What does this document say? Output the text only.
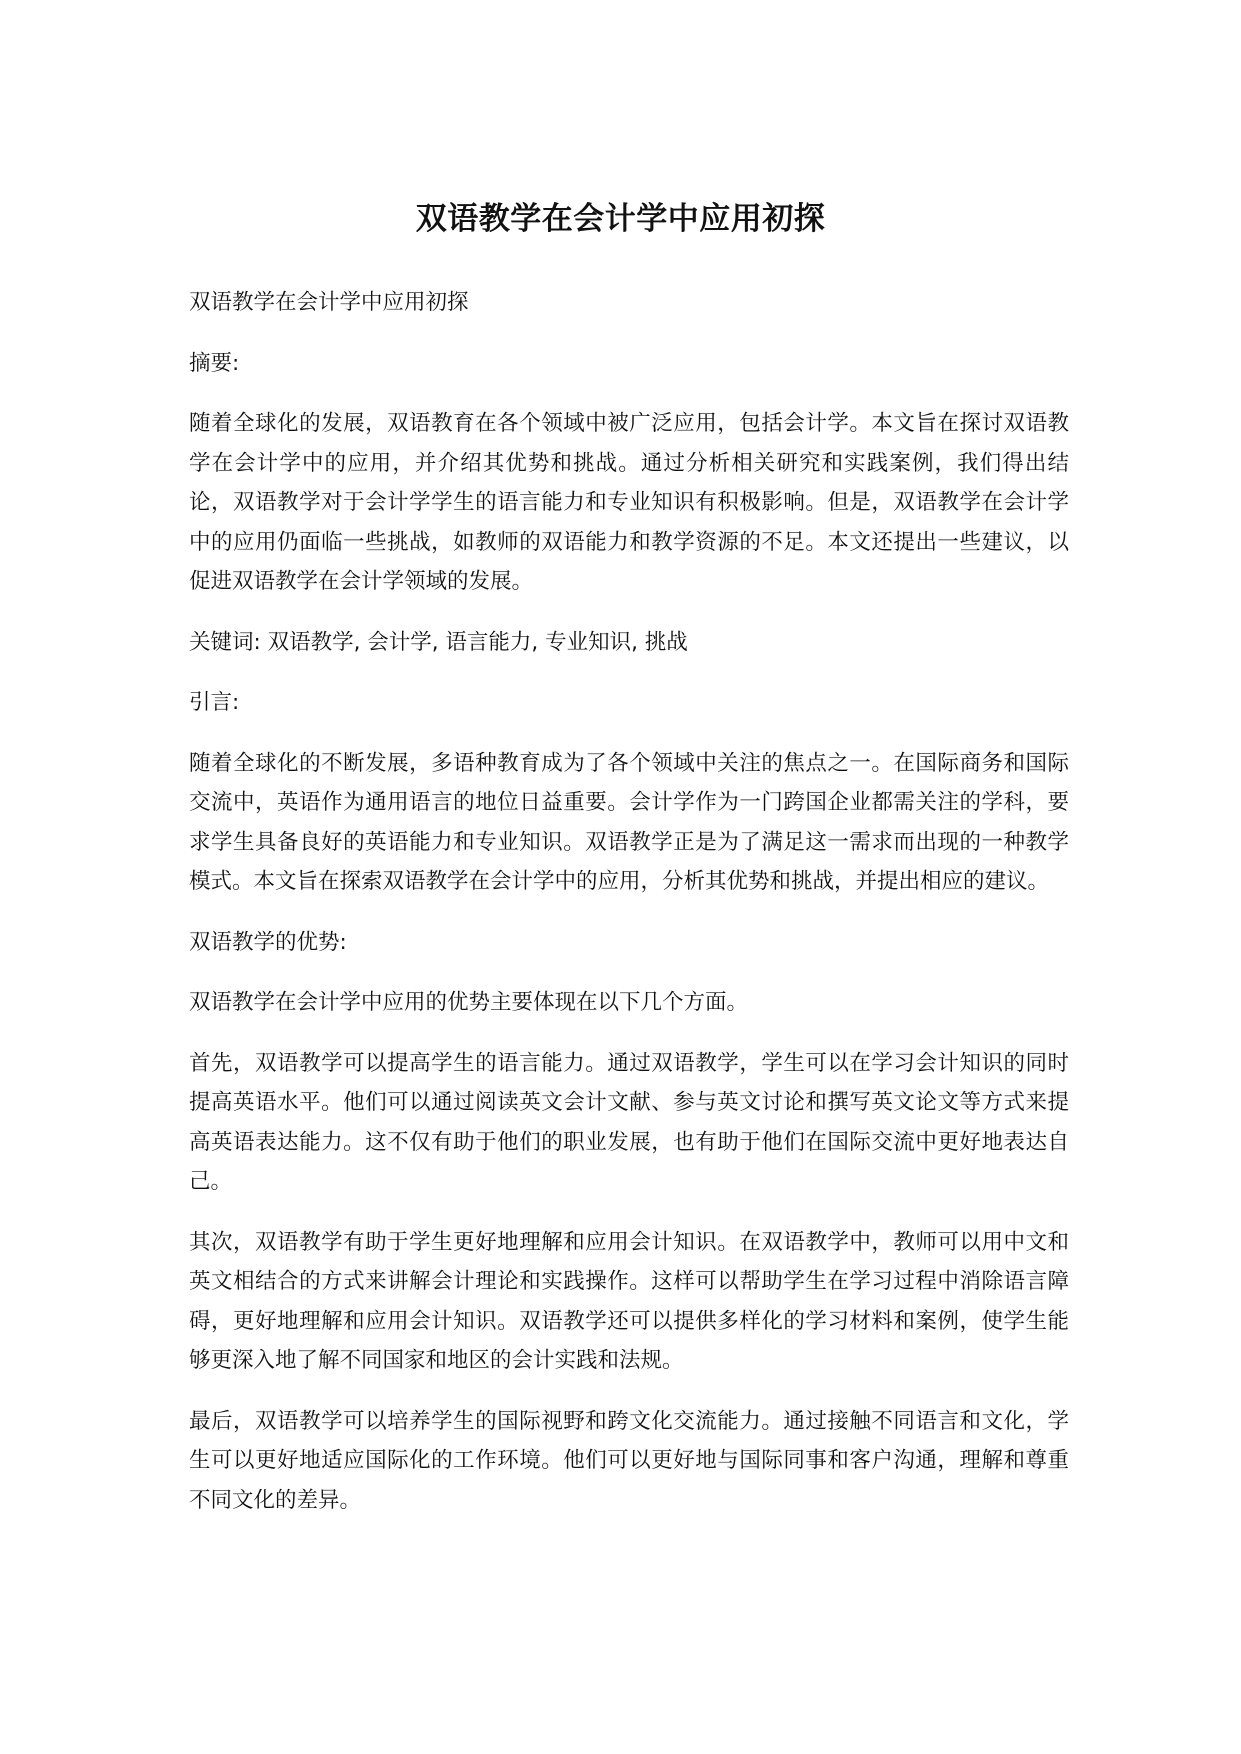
双语教学在会计学中应用初探

双语教学在会计学中应用初探

摘要:

随着全球化的发展，双语教育在各个领域中被广泛应用，包括会计学。本文旨在探讨双语教学在会计学中的应用，并介绍其优势和挑战。通过分析相关研究和实践案例，我们得出结论，双语教学对于会计学学生的语言能力和专业知识有积极影响。但是，双语教学在会计学中的应用仍面临一些挑战，如教师的双语能力和教学资源的不足。本文还提出一些建议，以促进双语教学在会计学领域的发展。

关键词: 双语教学, 会计学, 语言能力, 专业知识, 挑战

引言:

随着全球化的不断发展，多语种教育成为了各个领域中关注的焦点之一。在国际商务和国际交流中，英语作为通用语言的地位日益重要。会计学作为一门跨国企业都需关注的学科，要求学生具备良好的英语能力和专业知识。双语教学正是为了满足这一需求而出现的一种教学模式。本文旨在探索双语教学在会计学中的应用，分析其优势和挑战，并提出相应的建议。

双语教学的优势:

双语教学在会计学中应用的优势主要体现在以下几个方面。

首先，双语教学可以提高学生的语言能力。通过双语教学，学生可以在学习会计知识的同时提高英语水平。他们可以通过阅读英文会计文献、参与英文讨论和撰写英文论文等方式来提高英语表达能力。这不仅有助于他们的职业发展，也有助于他们在国际交流中更好地表达自己。

其次，双语教学有助于学生更好地理解和应用会计知识。在双语教学中，教师可以用中文和英文相结合的方式来讲解会计理论和实践操作。这样可以帮助学生在学习过程中消除语言障碍，更好地理解和应用会计知识。双语教学还可以提供多样化的学习材料和案例，使学生能够更深入地了解不同国家和地区的会计实践和法规。

最后，双语教学可以培养学生的国际视野和跨文化交流能力。通过接触不同语言和文化，学生可以更好地适应国际化的工作环境。他们可以更好地与国际同事和客户沟通，理解和尊重不同文化的差异。
